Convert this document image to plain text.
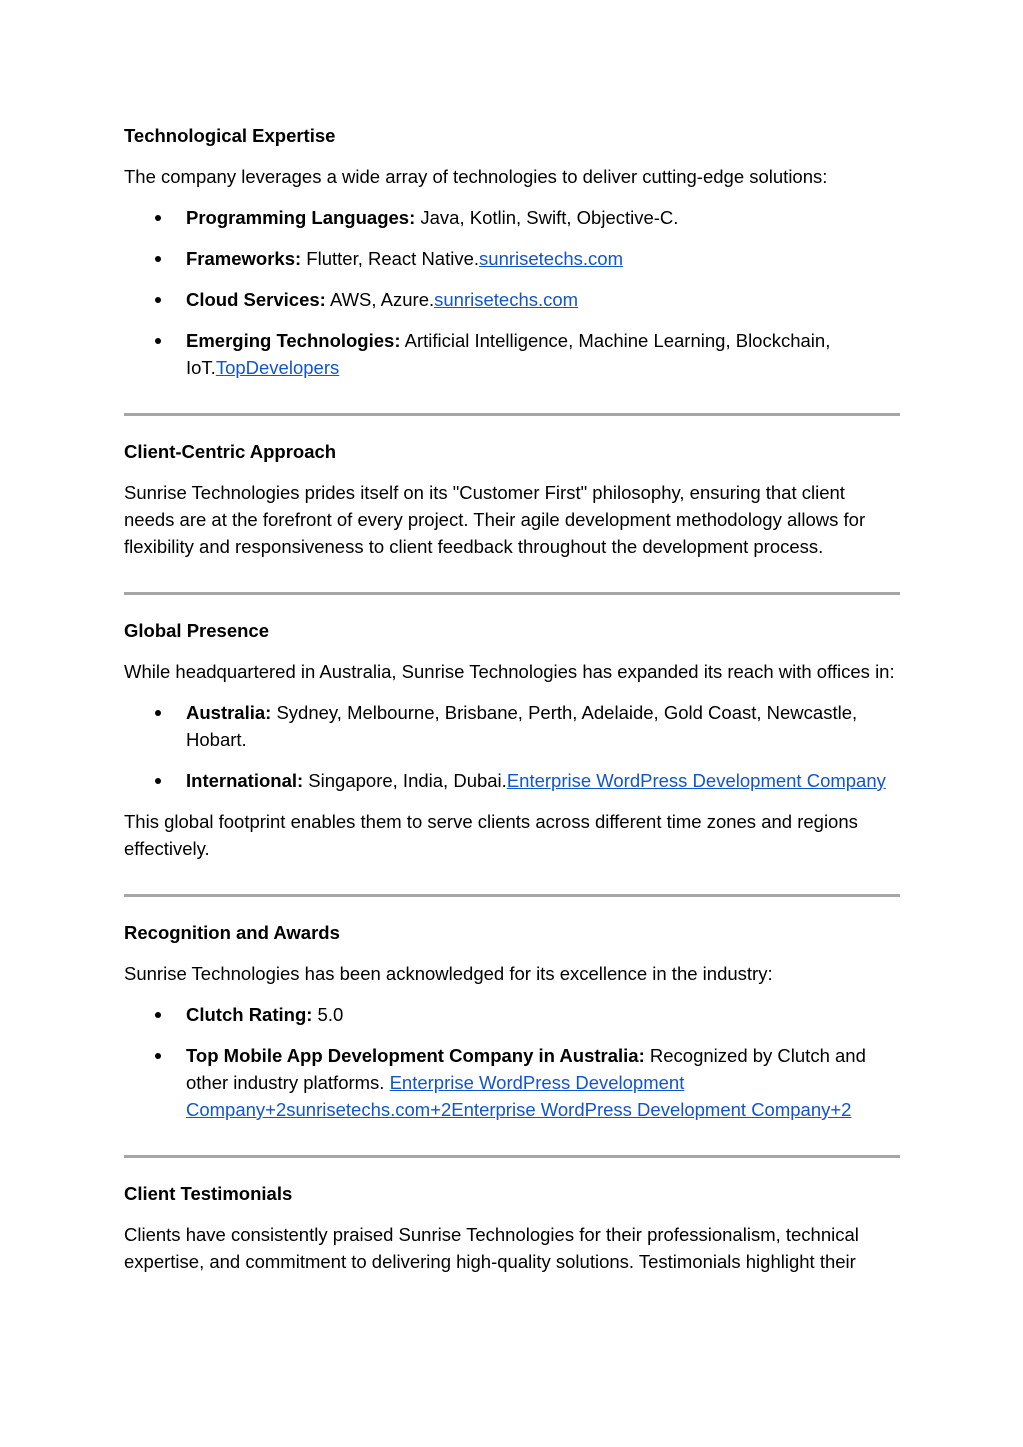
Technological Expertise
The company leverages a wide array of technologies to deliver cutting-edge solutions:
Programming Languages: Java, Kotlin, Swift, Objective-C.
Frameworks: Flutter, React Native.sunrisetechs.com
Cloud Services: AWS, Azure.sunrisetechs.com
Emerging Technologies: Artificial Intelligence, Machine Learning, Blockchain, IoT.TopDevelopers
Client-Centric Approach
Sunrise Technologies prides itself on its "Customer First" philosophy, ensuring that client needs are at the forefront of every project. Their agile development methodology allows for flexibility and responsiveness to client feedback throughout the development process.
Global Presence
While headquartered in Australia, Sunrise Technologies has expanded its reach with offices in:
Australia: Sydney, Melbourne, Brisbane, Perth, Adelaide, Gold Coast, Newcastle, Hobart.
International: Singapore, India, Dubai.Enterprise WordPress Development Company
This global footprint enables them to serve clients across different time zones and regions effectively.
Recognition and Awards
Sunrise Technologies has been acknowledged for its excellence in the industry:
Clutch Rating: 5.0
Top Mobile App Development Company in Australia: Recognized by Clutch and other industry platforms. Enterprise WordPress Development Company+2sunrisetechs.com+2Enterprise WordPress Development Company+2
Client Testimonials
Clients have consistently praised Sunrise Technologies for their professionalism, technical expertise, and commitment to delivering high-quality solutions. Testimonials highlight their
